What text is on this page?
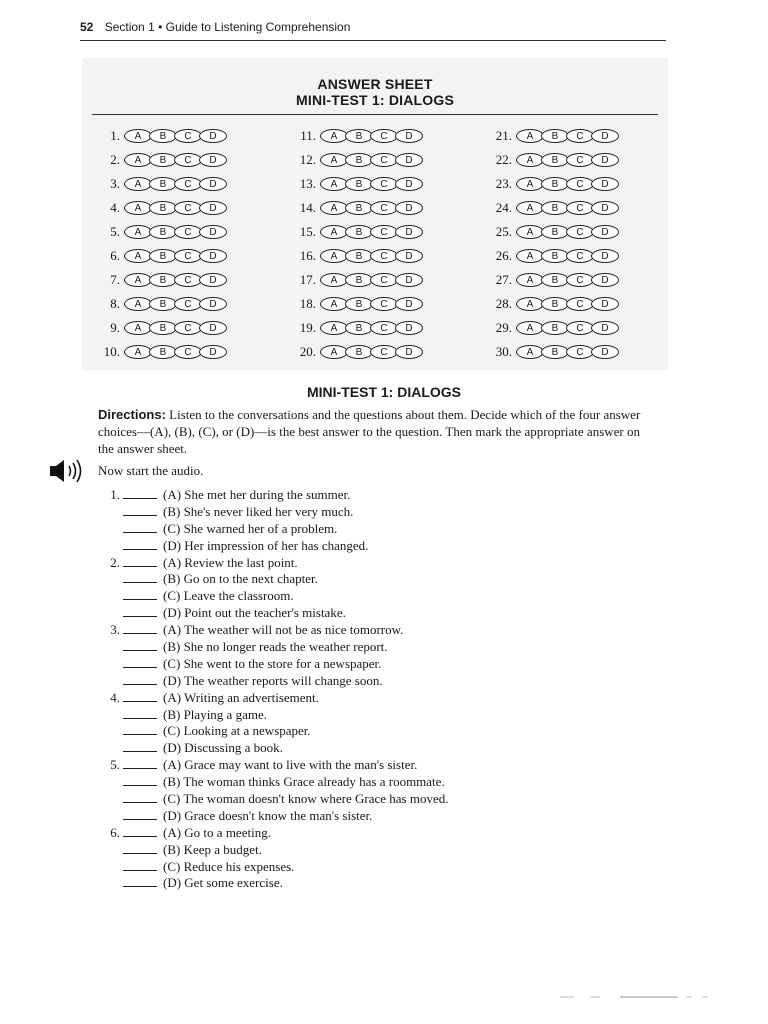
52 Section 1 • Guide to Listening Comprehension
ANSWER SHEET
MINI-TEST 1: DIALOGS
1.	A	B	C	D
2.	A	B	C	D
3.	A	B	C	D
4.	A	B	C	D
5.	A	B	C	D
6.	A	B	C	D
7.	A	B	C	D
8.	A	B	C	D
9.	A	B	C	D
10.	A	B	C	D
11.	A	B	C	D
12.	A	B	C	D
13.	A	B	C	D
14.	A	B	C	D
15.	A	B	C	D
16.	A	B	C	D
17.	A	B	C	D
18.	A	B	C	D
19.	A	B	C	D
20.	A	B	C	D
21.	A	B	C	D
22.	A	B	C	D
23.	A	B	C	D
24.	A	B	C	D
25.	A	B	C	D
26.	A	B	C	D
27.	A	B	C	D
28.	A	B	C	D
29.	A	B	C	D
30.	A	B	C	D
MINI-TEST 1: DIALOGS
Directions: Listen to the conversations and the questions about them. Decide which of the four answer choices—(A), (B), (C), or (D)—is the best answer to the question. Then mark the appropriate answer on the answer sheet.
Now start the audio.
1.	(A) She met her during the summer.
(B) She's never liked her very much.
(C) She warned her of a problem.
(D) Her impression of her has changed.
2.	(A) Review the last point.
(B) Go on to the next chapter.
(C) Leave the classroom.
(D) Point out the teacher's mistake.
3.	(A) The weather will not be as nice tomorrow.
(B) She no longer reads the weather report.
(C) She went to the store for a newspaper.
(D) The weather reports will change soon.
4.	(A) Writing an advertisement.
(B) Playing a game.
(C) Looking at a newspaper.
(D) Discussing a book.
5.	(A) Grace may want to live with the man's sister.
(B) The woman thinks Grace already has a roommate.
(C) The woman doesn't know where Grace has moved.
(D) Grace doesn't know the man's sister.
6.	(A) Go to a meeting.
(B) Keep a budget.
(C) Reduce his expenses.
(D) Get some exercise.
